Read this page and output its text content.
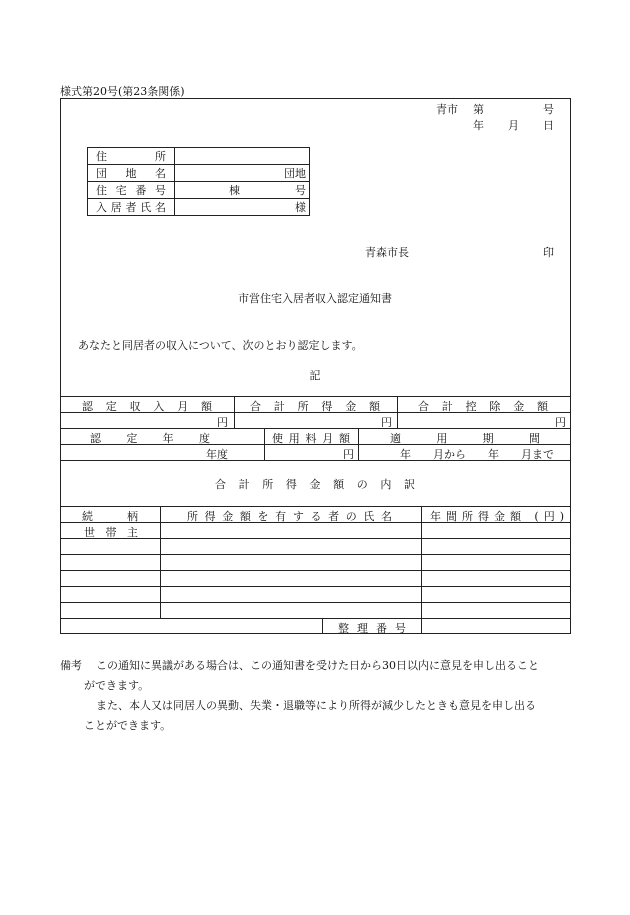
様式第20号(第23条関係)
青市 第	号
年 月 日
住所	
団地名	団地
住宅番号	棟　　　　　号
入居者氏名	様
青森市長	印
市営住宅入居者収入認定通知書
あなたと同居者の収入について、次のとおり認定します。
記
認定収入月額	合計所得金額	合計控除金額
円	円	円
認定年度	使用料月額	適用期間
年度	円	年　　月から　　年　　月まで
合計所得金額の内訳
続柄	所得金額を有する者の氏名	年間所得金額 (円)
世帯主
整理番号
備考 この通知に異議がある場合は、この通知書を受けた日から30日以内に意見を申し出ること
ができます。
また、本人又は同居人の異動、失業・退職等により所得が減少したときも意見を申し出る
ことができます。
